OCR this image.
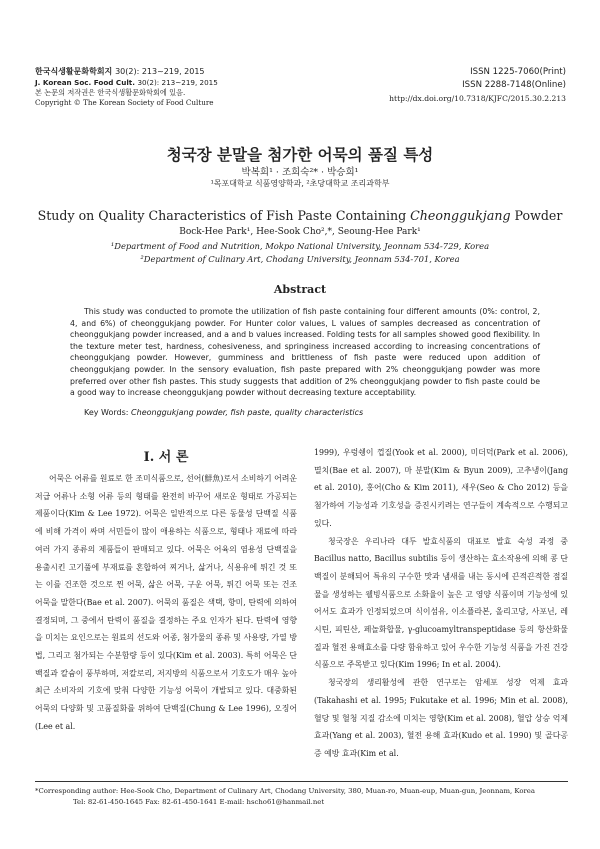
한국식생활문화학회지 30(2): 213~219, 2015
J. Korean Soc. Food Cult. 30(2): 213~219, 2015
본 논문의 저작권은 한국식생활문화학회에 있음.
Copyright © The Korean Society of Food Culture
ISSN 1225-7060(Print)
ISSN 2288-7148(Online)
http://dx.doi.org/10.7318/KJFC/2015.30.2.213
청국장 분말을 첨가한 어묵의 품질 특성
박복희¹ · 조희숙²* · 박승희¹
¹목포대학교 식품영양학과, ²초당대학교 조리과학부
Study on Quality Characteristics of Fish Paste Containing Cheonggukjang Powder
Bock-Hee Park¹, Hee-Sook Cho²,*, Seoung-Hee Park¹
¹Department of Food and Nutrition, Mokpo National University, Jeonnam 534-729, Korea
²Department of Culinary Art, Chodang University, Jeonnam 534-701, Korea
Abstract
This study was conducted to promote the utilization of fish paste containing four different amounts (0%: control, 2, 4, and 6%) of cheonggukjang powder. For Hunter color values, L values of samples decreased as concentration of cheonggukjang powder increased, and a and b values increased. Folding tests for all samples showed good flexibility. In the texture meter test, hardness, cohesiveness, and springiness increased according to increasing concentrations of cheonggukjang powder. However, gumminess and brittleness of fish paste were reduced upon addition of cheonggukjang powder. In the sensory evaluation, fish paste prepared with 2% cheonggukjang powder was more preferred over other fish pastes. This study suggests that addition of 2% cheonggukjang powder to fish paste could be a good way to increase cheonggukjang powder without decreasing texture acceptability.
Key Words: Cheonggukjang powder, fish paste, quality characteristics
I. 서 론

어묵은 어류를 원료로 한 조미식품으로, 선어(鮮魚)로서 소비하기 어려운 저급 어류나 소형 어류 등의 형태를 완전히 바꾸어 새로운 형태로 가공되는 제품이다(Kim & Lee 1972). 어묵은 일반적으로 다른 동물성 단백질 식품에 비해 가격이 싸며 서민들이 많이 애용하는 식품으로, 형태나 재료에 따라 여러 가지 종류의 제품들이 판매되고 있다. 어묵은 어육의 염용성 단백질을 용출시킨 고기풀에 부재료를 혼합하여 찌거나, 삶거나, 식용유에 튀긴 것 또는 이를 건조한 것으로 찐 어묵, 삶은 어묵, 구운 어묵, 튀긴 어묵 또는 건조 어묵을 말한다(Bae et al. 2007). 어묵의 품질은 색택, 향미, 탄력에 의하여 결정되며, 그 중에서 탄력이 품질을 결정하는 주요 인자가 된다. 탄력에 영향을 미치는 요인으로는 원료의 선도와 어종, 첨가물의 종류 및 사용량, 가열 방법, 그리고 첨가되는 수분함량 등이 있다(Kim et al. 2003). 특히 어묵은 단백질과 칼슘이 풍부하며, 저칼로리, 저지방의 식품으로서 기호도가 매우 높아 최근 소비자의 기호에 맞춰 다양한 기능성 어묵이 개발되고 있다. 대중화된 어묵의 다양화 및 고품질화를 위하여 단백질(Chung & Lee 1996), 오징어(Lee et al.

1999), 우렁쉥이 껍질(Yook et al. 2000), 미더덕(Park et al. 2006), 멸치(Bae et al. 2007), 마 분말(Kim & Byun 2009), 고추냉이(Jang et al. 2010), 홍어(Cho & Kim 2011), 새우(Seo & Cho 2012) 등을 첨가하여 기능성과 기호성을 증진시키려는 연구들이 계속적으로 수행되고 있다.

청국장은 우리나라 대두 발효식품의 대표로 발효 숙성 과정 중 Bacillus natto, Bacillus subtilis 등이 생산하는 효소작용에 의해 콩 단백질이 분해되어 특유의 구수한 맛과 냄새를 내는 동시에 끈적끈적한 점질물을 생성하는 웰빙식품으로 소화율이 높은 고 영양 식품이며 기능성에 있어서도 효과가 인정되었으며 식이섬유, 이소플라본, 올리고당, 사포닌, 레시틴, 피틴산, 페놀화합물, γ-glucoamyltranspeptidase 등의 항산화물질과 혈전 용해효소를 다량 함유하고 있어 우수한 기능성 식품을 가진 건강식품으로 주목받고 있다(Kim 1996; In et al. 2004).

청국장의 생리활성에 관한 연구로는 암세포 성장 억제 효과(Takahashi et al. 1995; Fukutake et al. 1996; Min et al. 2008), 혈당 및 혈청 지질 감소에 미치는 영향(Kim et al. 2008), 혈압 상승 억제 효과(Yang et al. 2003), 혈전 용해 효과(Kudo et al. 1990) 및 골다공증 예방 효과(Kim et al.

*Corresponding author: Hee-Sook Cho, Department of Culinary Art, Chodang University, 380, Muan-ro, Muan-eup, Muan-gun, Jeonnam, Korea
Tel: 82-61-450-1645 Fax: 82-61-450-1641 E-mail: hscho61@hanmail.net
